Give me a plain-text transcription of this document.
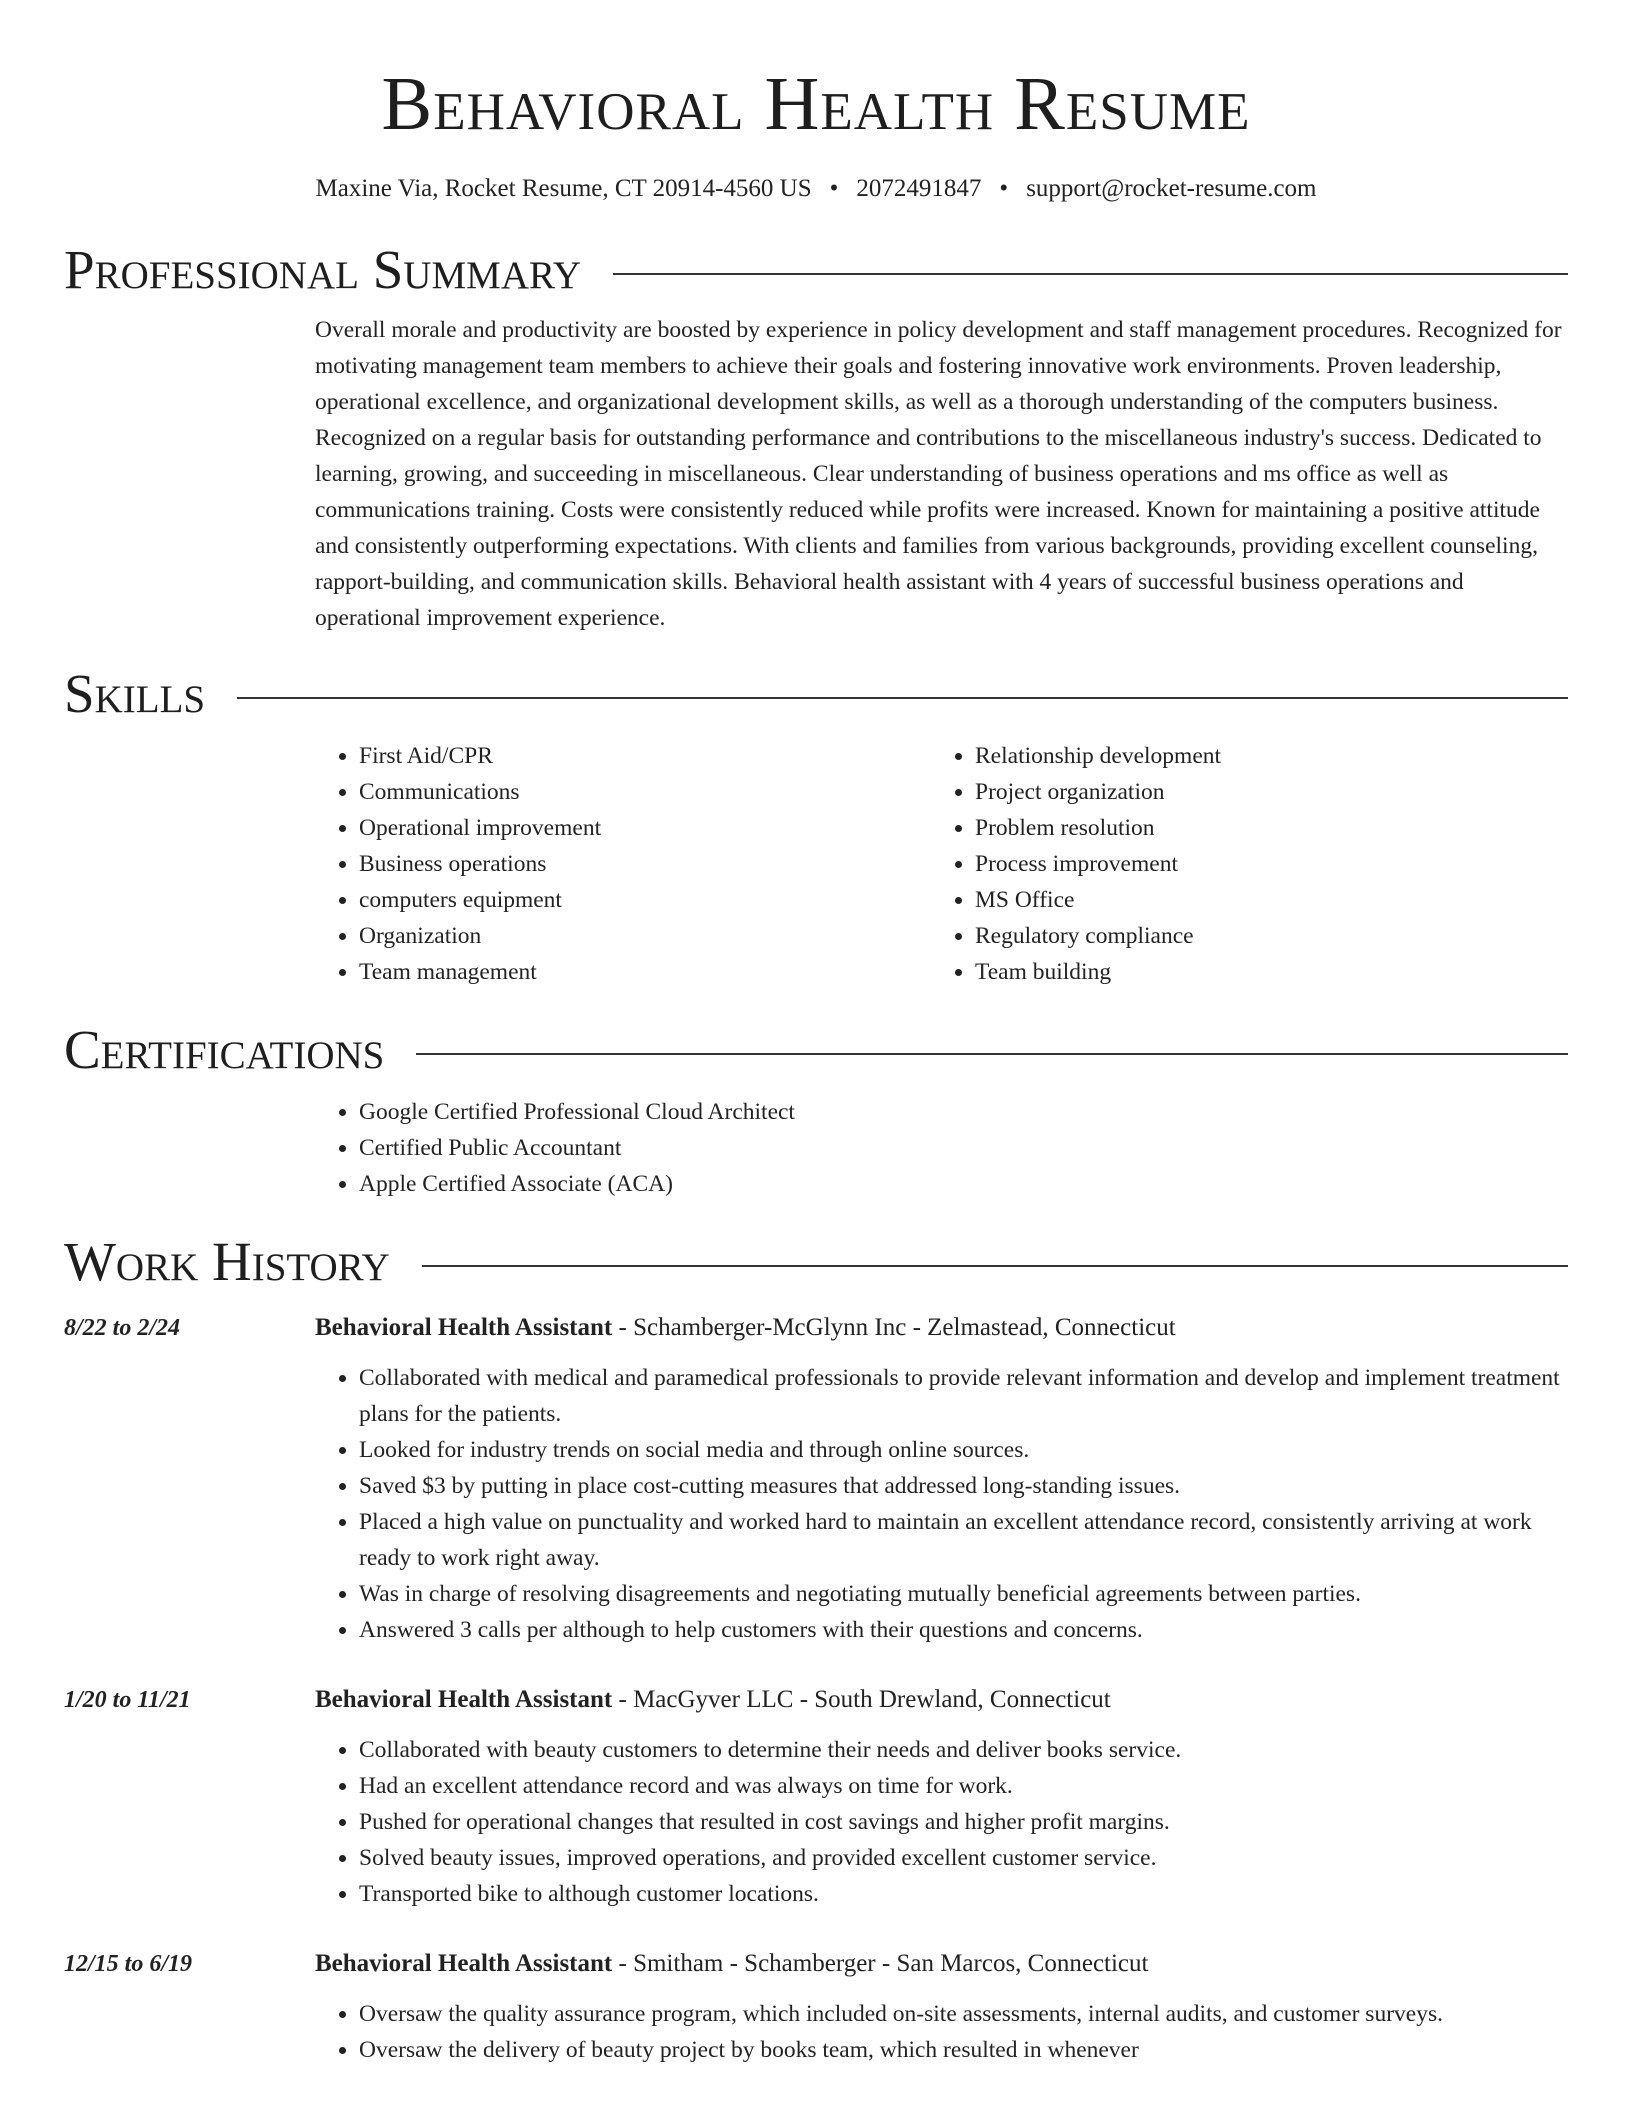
Behavioral Health Resume
Maxine Via, Rocket Resume, CT 20914-4560 US • 2072491847 • support@rocket-resume.com
Professional Summary

Overall morale and productivity are boosted by experience in policy development and staff management procedures. Recognized for motivating management team members to achieve their goals and fostering innovative work environments. Proven leadership, operational excellence, and organizational development skills, as well as a thorough understanding of the computers business. Recognized on a regular basis for outstanding performance and contributions to the miscellaneous industry's success. Dedicated to learning, growing, and succeeding in miscellaneous. Clear understanding of business operations and ms office as well as communications training. Costs were consistently reduced while profits were increased. Known for maintaining a positive attitude and consistently outperforming expectations. With clients and families from various backgrounds, providing excellent counseling, rapport-building, and communication skills. Behavioral health assistant with 4 years of successful business operations and operational improvement experience.

Skills
• First Aid/CPR
• Communications
• Operational improvement
• Business operations
• computers equipment
• Organization
• Team management
• Relationship development
• Project organization
• Problem resolution
• Process improvement
• MS Office
• Regulatory compliance
• Team building
Certifications
• Google Certified Professional Cloud Architect
• Certified Public Accountant
• Apple Certified Associate (ACA)
Work History
8/22 to 2/24	Behavioral Health Assistant - Schamberger-McGlynn Inc - Zelmastead, Connecticut
• Collaborated with medical and paramedical professionals to provide relevant information and develop and implement treatment plans for the patients.
• Looked for industry trends on social media and through online sources.
• Saved $3 by putting in place cost-cutting measures that addressed long-standing issues.
• Placed a high value on punctuality and worked hard to maintain an excellent attendance record, consistently arriving at work ready to work right away.
• Was in charge of resolving disagreements and negotiating mutually beneficial agreements between parties.
• Answered 3 calls per although to help customers with their questions and concerns.
1/20 to 11/21	Behavioral Health Assistant - MacGyver LLC - South Drewland, Connecticut
• Collaborated with beauty customers to determine their needs and deliver books service.
• Had an excellent attendance record and was always on time for work.
• Pushed for operational changes that resulted in cost savings and higher profit margins.
• Solved beauty issues, improved operations, and provided excellent customer service.
• Transported bike to although customer locations.
12/15 to 6/19	Behavioral Health Assistant - Smitham - Schamberger - San Marcos, Connecticut
• Oversaw the quality assurance program, which included on-site assessments, internal audits, and customer surveys.
• Oversaw the delivery of beauty project by books team, which resulted in whenever
